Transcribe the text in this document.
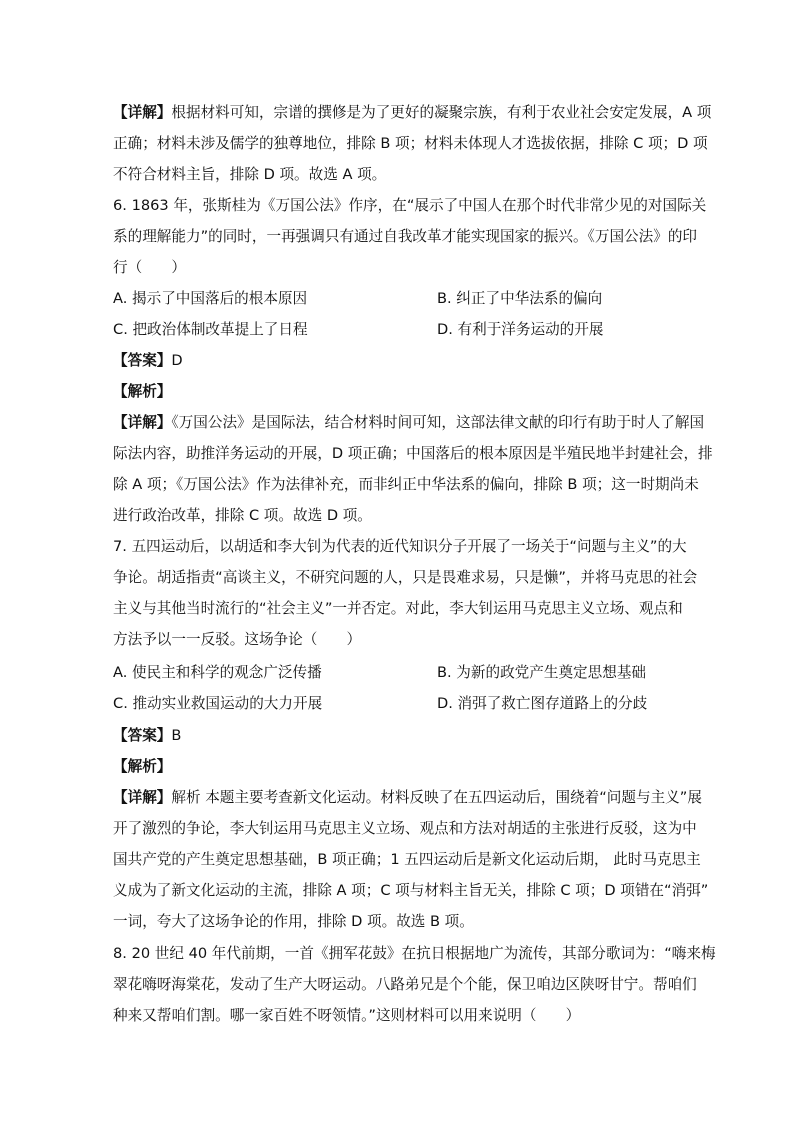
【详解】根据材料可知，宗谱的撰修是为了更好的凝聚宗族，有利于农业社会安定发展，A 项
正确；材料未涉及儒学的独尊地位，排除 B 项；材料未体现人才选拔依据，排除 C 项；D 项
不符合材料主旨，排除 D 项。故选 A 项。
6. 1863 年，张斯桂为《万国公法》作序，在“展示了中国人在那个时代非常少见的对国际关
系的理解能力”的同时，一再强调只有通过自我改革才能实现国家的振兴。《万国公法》的印
行（　　）
A. 揭示了中国落后的根本原因	B. 纠正了中华法系的偏向
C. 把政治体制改革提上了日程	D. 有利于洋务运动的开展
【答案】D
【解析】
【详解】《万国公法》是国际法，结合材料时间可知，这部法律文献的印行有助于时人了解国
际法内容，助推洋务运动的开展，D 项正确；中国落后的根本原因是半殖民地半封建社会，排
除 A 项；《万国公法》作为法律补充，而非纠正中华法系的偏向，排除 B 项；这一时期尚未
进行政治改革，排除 C 项。故选 D 项。
7. 五四运动后，以胡适和李大钊为代表的近代知识分子开展了一场关于“问题与主义”的大
争论。胡适指责“高谈主义，不研究问题的人，只是畏难求易，只是懒”，并将马克思的社会
主义与其他当时流行的“社会主义”一并否定。对此，李大钊运用马克思主义立场、观点和
方法予以一一反驳。这场争论（　　）
A. 使民主和科学的观念广泛传播	B. 为新的政党产生奠定思想基础
C. 推动实业救国运动的大力开展	D. 消弭了救亡图存道路上的分歧
【答案】B
【解析】
【详解】解析 本题主要考查新文化运动。材料反映了在五四运动后，围绕着“问题与主义”展
开了激烈的争论，李大钊运用马克思主义立场、观点和方法对胡适的主张进行反驳，这为中
国共产党的产生奠定思想基础，B 项正确；1 五四运动后是新文化运动后期， 此时马克思主
义成为了新文化运动的主流，排除 A 项；C 项与材料主旨无关，排除 C 项；D 项错在“消弭”
一词，夸大了这场争论的作用，排除 D 项。故选 B 项。
8. 20 世纪 40 年代前期，一首《拥军花鼓》在抗日根据地广为流传，其部分歌词为：“嗨来梅
翠花嗨呀海棠花，发动了生产大呀运动。八路弟兄是个个能，保卫咱边区陕呀甘宁。帮咱们
种来又帮咱们割。哪一家百姓不呀领情。”这则材料可以用来说明（　　）
